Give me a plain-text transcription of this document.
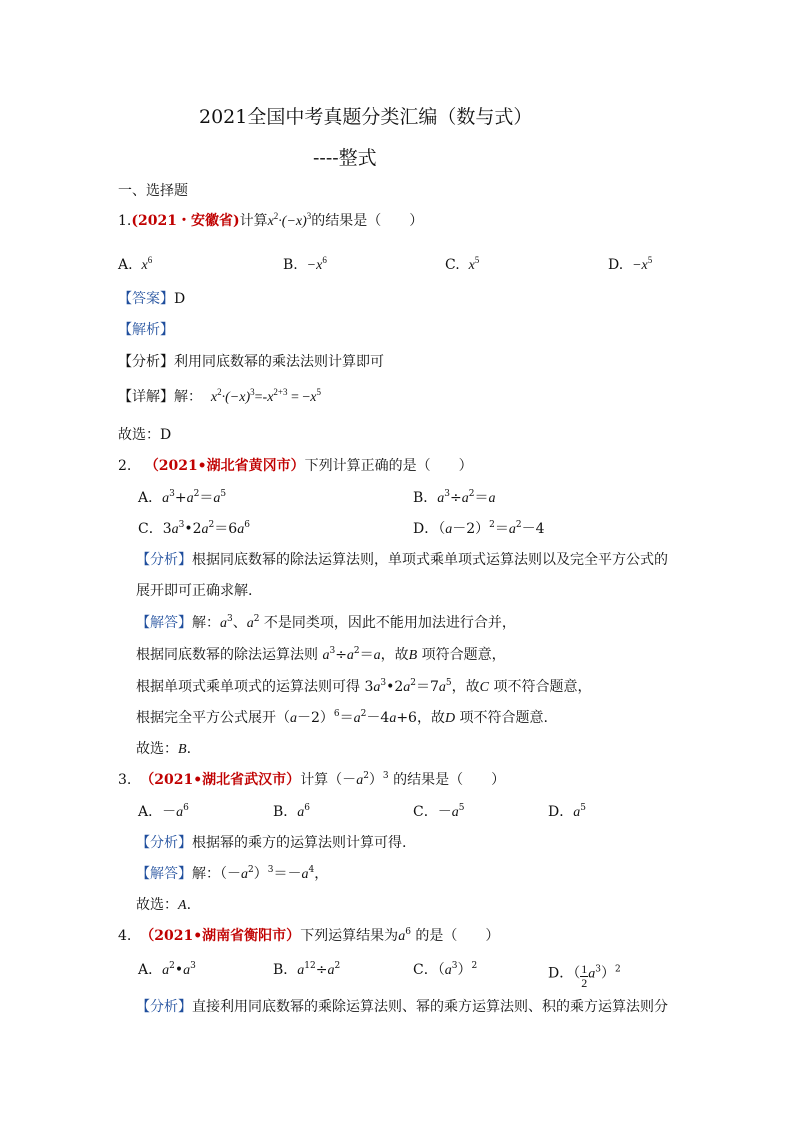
2021全国中考真题分类汇编（数与式）
----整式
一、选择题
1.(2021・安徽省)计算$x^2\cdot(-x)^3$的结果是（　　）
A. $x^6$	B. $-x^6$	C. $x^5$	D. $-x^5$
【答案】D
【解析】
【分析】利用同底数幂的乘法法则计算即可
【详解】解： $x^2\cdot(-x)^3=-x^{2+3} = -x^5$
故选：D
2. （2021•湖北省黄冈市）下列计算正确的是（　　）
A．$a^3+a^2=a^5$	B．$a^3\div a^2=a$
C．$3a^3•2a^2=6a^6$	D．$(a-2)^2=a^2-4$
【分析】根据同底数幂的除法运算法则，单项式乘单项式运算法则以及完全平方公式的
展开即可正确求解.
【解答】解：$a^3$、$a^2$ 不是同类项，因此不能用加法进行合并，
根据同底数幂的除法运算法则 $a^3\div a^2=a$，故B 项符合题意，
根据单项式乘单项式的运算法则可得 $3a^3•2a^2=7a^5$，故C 项不符合题意，
根据完全平方公式展开$(a-2)^6=a^2-4a+6$，故D 项不符合题意.
故选：B.
3. （2021•湖北省武汉市）计算$(-a^2)^3$ 的结果是（　　）
A．$-a^6$	B．$a^6$	C．$-a^5$	D．$a^5$
【分析】根据幂的乘方的运算法则计算可得.
【解答】解：$(-a^2)^3=-a^4$，
故选：A.
4. （2021•湖南省衡阳市）下列运算结果为$a^6$ 的是（　　）
A．$a^2•a^3$	B．$a^{12}\div a^2$	C．$(a^3)^2$	D．（ $\frac{1}{2} a^3)^2$
【分析】直接利用同底数幂的乘除运算法则、幂的乘方运算法则、积的乘方运算法则分
